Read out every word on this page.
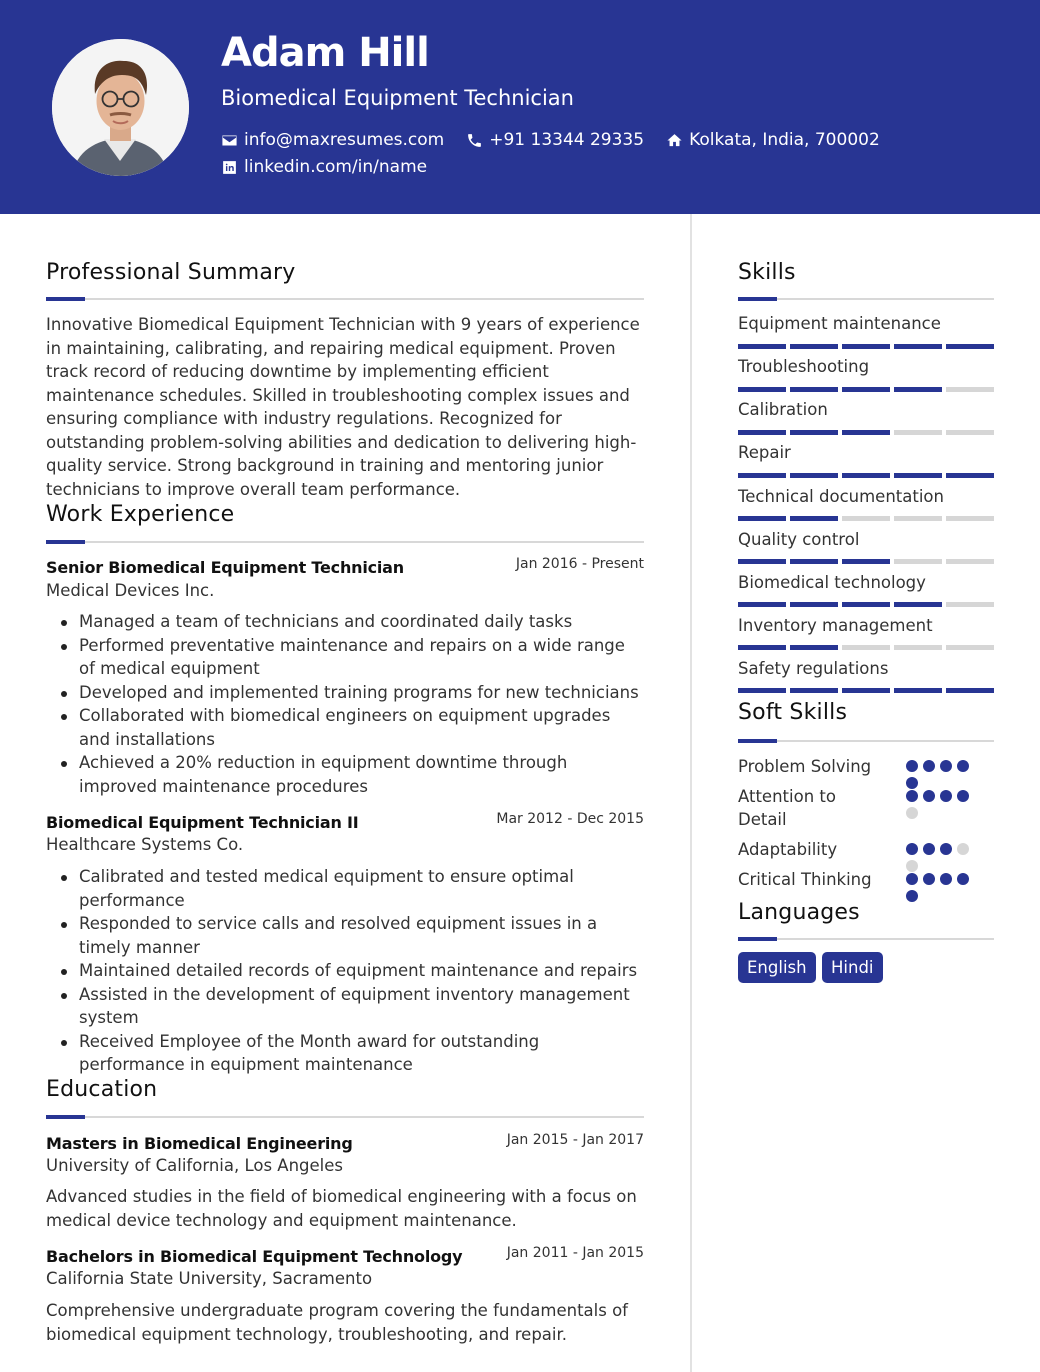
Adam Hill
Biomedical Equipment Technician
info@maxresumes.com	+91 13344 29335	Kolkata, India, 700002
linkedin.com/in/name
Professional Summary
Innovative Biomedical Equipment Technician with 9 years of experience in maintaining, calibrating, and repairing medical equipment. Proven track record of reducing downtime by implementing efficient maintenance schedules. Skilled in troubleshooting complex issues and ensuring compliance with industry regulations. Recognized for outstanding problem-solving abilities and dedication to delivering high-quality service. Strong background in training and mentoring junior technicians to improve overall team performance.
Work Experience
Senior Biomedical Equipment Technician	Jan 2016 - Present
Medical Devices Inc.
Managed a team of technicians and coordinated daily tasks
Performed preventative maintenance and repairs on a wide range of medical equipment
Developed and implemented training programs for new technicians
Collaborated with biomedical engineers on equipment upgrades and installations
Achieved a 20% reduction in equipment downtime through improved maintenance procedures
Biomedical Equipment Technician II	Mar 2012 - Dec 2015
Healthcare Systems Co.
Calibrated and tested medical equipment to ensure optimal performance
Responded to service calls and resolved equipment issues in a timely manner
Maintained detailed records of equipment maintenance and repairs
Assisted in the development of equipment inventory management system
Received Employee of the Month award for outstanding performance in equipment maintenance
Education
Masters in Biomedical Engineering	Jan 2015 - Jan 2017
University of California, Los Angeles
Advanced studies in the field of biomedical engineering with a focus on medical device technology and equipment maintenance.
Bachelors in Biomedical Equipment Technology	Jan 2011 - Jan 2015
California State University, Sacramento
Comprehensive undergraduate program covering the fundamentals of biomedical equipment technology, troubleshooting, and repair.
Skills
Equipment maintenance
Troubleshooting
Calibration
Repair
Technical documentation
Quality control
Biomedical technology
Inventory management
Safety regulations
Soft Skills
Problem Solving
Attention to Detail
Adaptability
Critical Thinking
Languages
English	Hindi
